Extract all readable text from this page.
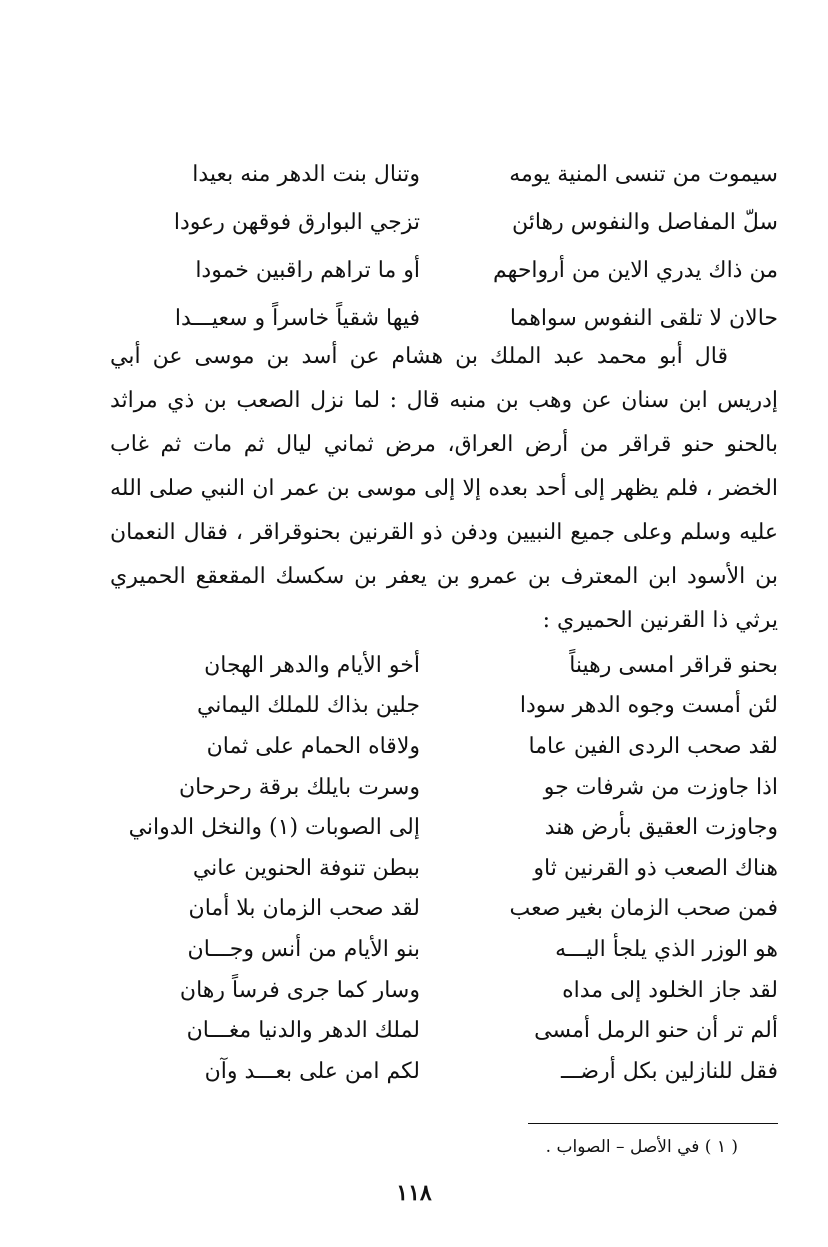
سيموت من تنسى المنية يومه
وتنال بنت الدهر منه بعيدا
سلّ المفاصل والنفوس رهائن
تزجي البوارق فوقهن رعودا
من ذاك يدري الاين من أرواحهم
أو ما تراهم راقبين خمودا
حالان لا تلقى النفوس سواهما
فيها شقياً خاسراً و سعيـــدا
قال أبو محمد عبد الملك بن هشام عن أسد بن موسى عن أبي إدريس ابن سنان عن وهب بن منبه قال : لما نزل الصعب بن ذي مراثد بالحنو حنو قراقر من أرض العراق، مرض ثماني ليال ثم مات ثم غاب الخضر ، فلم يظهر إلى أحد بعده إلا إلى موسى بن عمر ان النبي صلى الله عليه وسلم وعلى جميع النبيين ودفن ذو القرنين بحنوقراقر ، فقال النعمان بن الأسود ابن المعترف بن عمرو بن يعفر بن سكسك المقعقع الحميري يرثي ذا القرنين الحميري :
بحنو قراقر امسى رهيناً
أخو الأيام والدهر الهجان
لئن أمست وجوه الدهر سودا
جلين بذاك للملك اليماني
لقد صحب الردى الفين عاما
ولاقاه الحمام على ثمان
اذا جاوزت من شرفات جو
وسرت بايلك برقة رحرحان
وجاوزت العقيق بأرض هند
إلى الصوبات (١) والنخل الدواني
هناك الصعب ذو القرنين ثاو
ببطن تنوفة الحنوين عاني
فمن صحب الزمان بغير صعب
لقد صحب الزمان بلا أمان
هو الوزر الذي يلجأ اليـــه
بنو الأيام من أنس وجـــان
لقد جاز الخلود إلى مداه
وسار كما جرى فرساً رهان
ألم تر أن حنو الرمل أمسى
لملك الدهر والدنيا مغـــان
فقل للنازلين بكل أرضـــ
لكم امن على بعـــد وآن
( ١ ) في الأصل – الصواب .
١١٨
